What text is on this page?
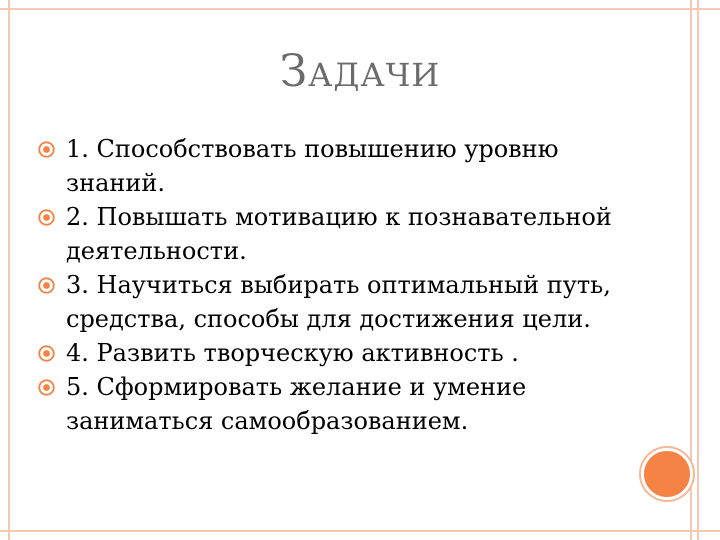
ЗАДАЧИ
1. Способствовать повышению уровню знаний.
2. Повышать мотивацию к познавательной деятельности.
3. Научиться выбирать оптимальный путь, средства, способы для достижения цели.
4. Развить творческую активность .
5. Сформировать желание и умение заниматься самообразованием.
